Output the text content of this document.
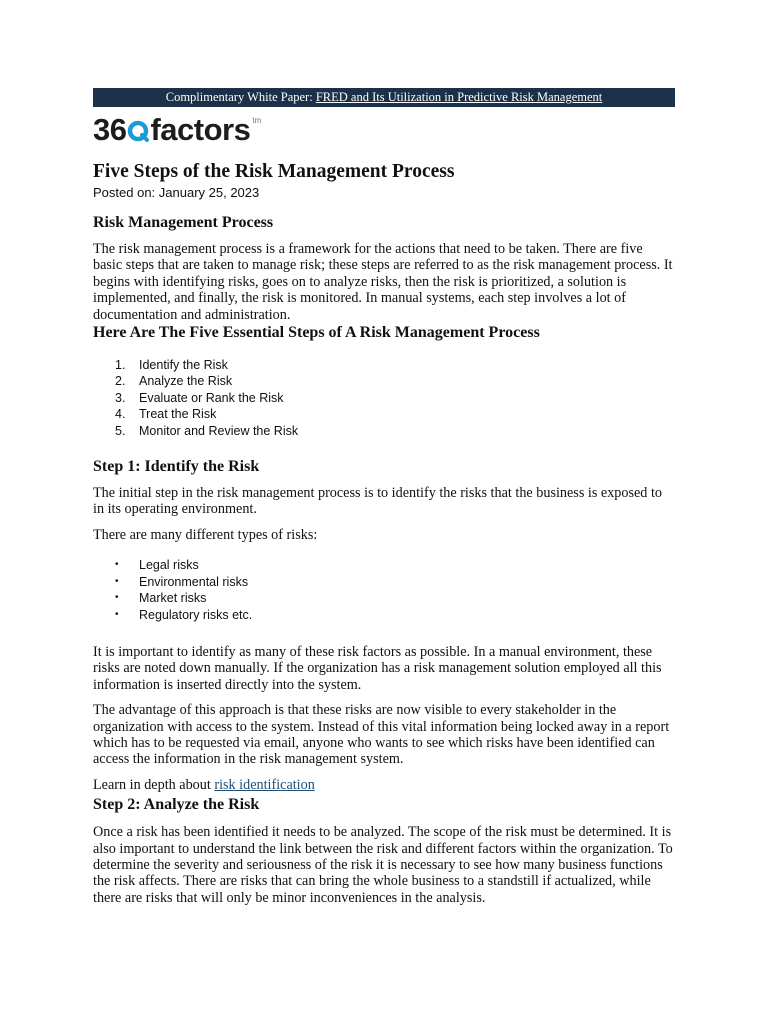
Complimentary White Paper: FRED and Its Utilization in Predictive Risk Management
36 factors tm
Five Steps of the Risk Management Process
Posted on: January 25, 2023
Risk Management Process

The risk management process is a framework for the actions that need to be taken. There are five basic steps that are taken to manage risk; these steps are referred to as the risk management process. It begins with identifying risks, goes on to analyze risks, then the risk is prioritized, a solution is implemented, and finally, the risk is monitored. In manual systems, each step involves a lot of documentation and administration.

Here Are The Five Essential Steps of A Risk Management Process
1. Identify the Risk
2. Analyze the Risk
3. Evaluate or Rank the Risk
4. Treat the Risk
5. Monitor and Review the Risk
Step 1: Identify the Risk

The initial step in the risk management process is to identify the risks that the business is exposed to in its operating environment.

There are many different types of risks:

• Legal risks
• Environmental risks
• Market risks
• Regulatory risks etc.

It is important to identify as many of these risk factors as possible. In a manual environment, these risks are noted down manually. If the organization has a risk management solution employed all this information is inserted directly into the system.

The advantage of this approach is that these risks are now visible to every stakeholder in the organization with access to the system. Instead of this vital information being locked away in a report which has to be requested via email, anyone who wants to see which risks have been identified can access the information in the risk management system.

Learn in depth about risk identification

Step 2: Analyze the Risk

Once a risk has been identified it needs to be analyzed. The scope of the risk must be determined. It is also important to understand the link between the risk and different factors within the organization. To determine the severity and seriousness of the risk it is necessary to see how many business functions the risk affects. There are risks that can bring the whole business to a standstill if actualized, while there are risks that will only be minor inconveniences in the analysis.
